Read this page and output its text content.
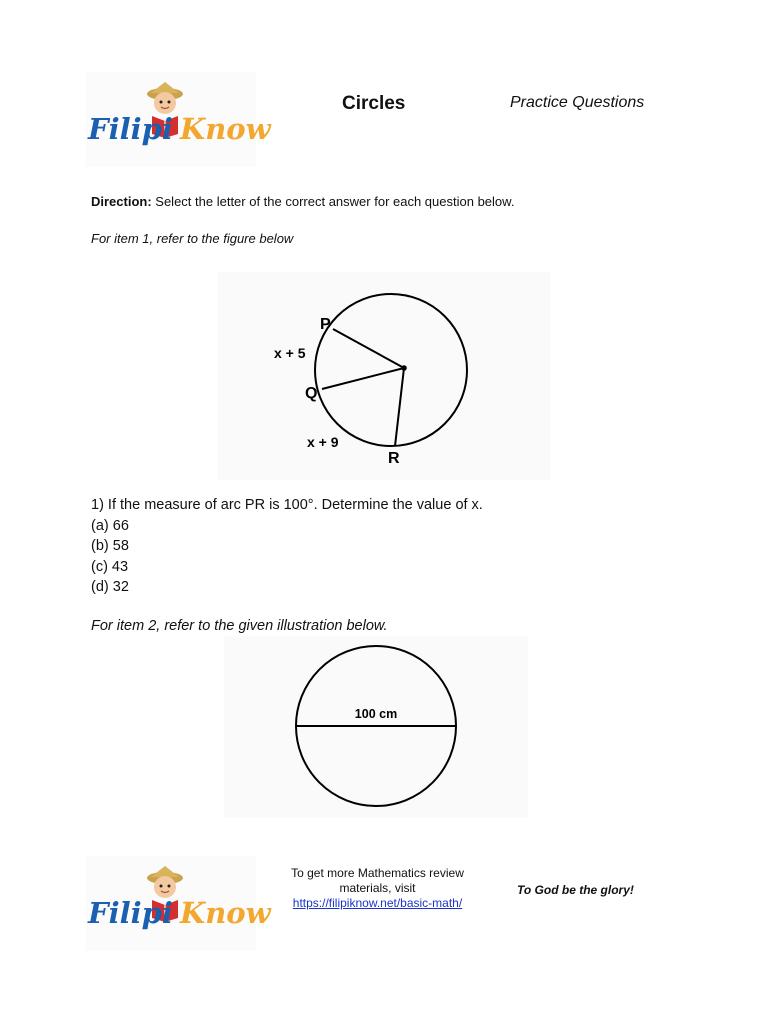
Filipi Know
Circles	Practice Questions
Direction: Select the letter of the correct answer for each question below.
For item 1, refer to the figure below
P
Q
R
x + 5
x + 9
1) If the measure of arc PR is 100°. Determine the value of x.
(a) 66
(b) 58
(c) 43
(d) 32
For item 2, refer to the given illustration below.
100 cm
Filipi Know
To get more Mathematics review materials, visit
https://filipiknow.net/basic-math/
To God be the glory!
